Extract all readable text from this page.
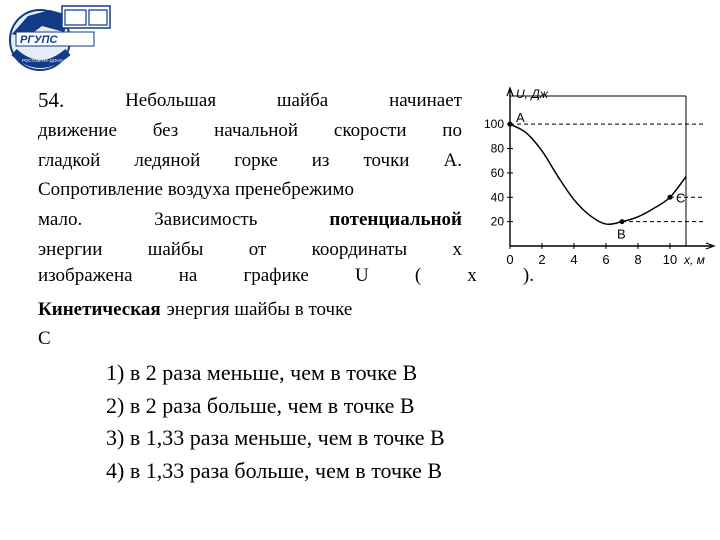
РГУПС
РОСТОВ-НА-ДОНУ
54.	Небольшая	шайба	начинает
движение без начальной скорости по
гладкой ледяной горке из точки А.
Сопротивление воздуха пренебрежимо
мало.	Зависимость	потенциальной
энергии шайбы от координаты х
Кинетическая энергия шайбы в точке
С
изображена на графике U ( x ).
20
40
60
80
100
0 2 4 6 8 10
U, Дж
x, м
A
B
C
1) в 2 раза меньше, чем в точке В
2) в 2 раза больше, чем в точке В
3) в 1,33 раза меньше, чем в точке В
4) в 1,33 раза больше, чем в точке В
